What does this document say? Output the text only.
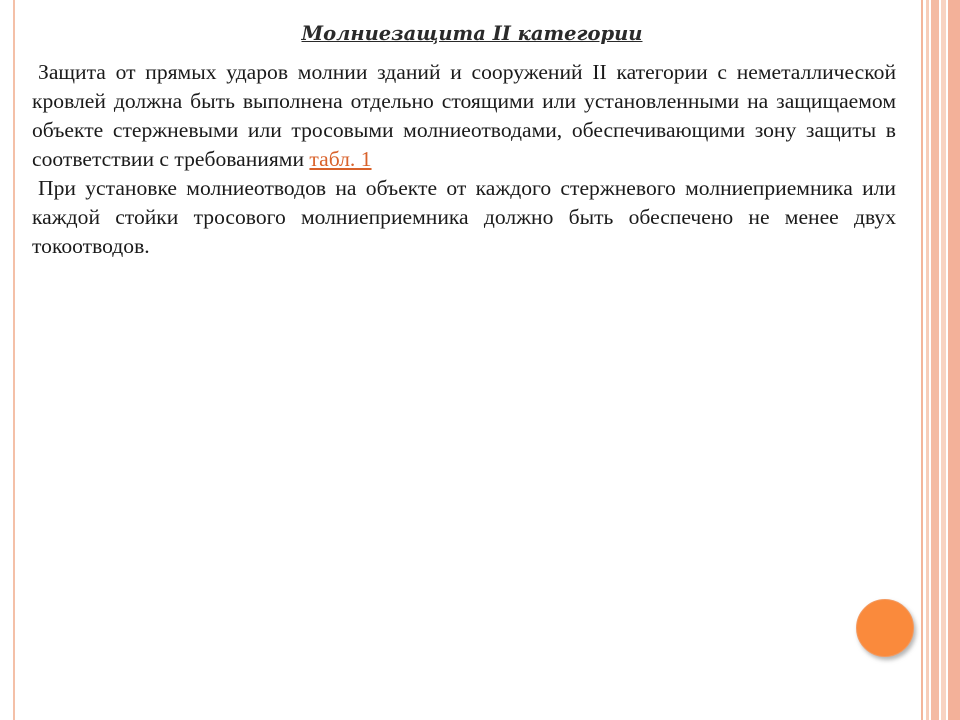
Молниезащита II категории

Защита от прямых ударов молнии зданий и сооружений II категории с неметаллической кровлей должна быть выполнена отдельно стоящими или установленными на защищаемом объекте стержневыми или тросовыми молниеотводами, обеспечивающими зону защиты в соответствии с требованиями табл. 1

При установке молниеотводов на объекте от каждого стержневого молниеприемника или каждой стойки тросового молниеприемника должно быть обеспечено не менее двух токоотводов.
